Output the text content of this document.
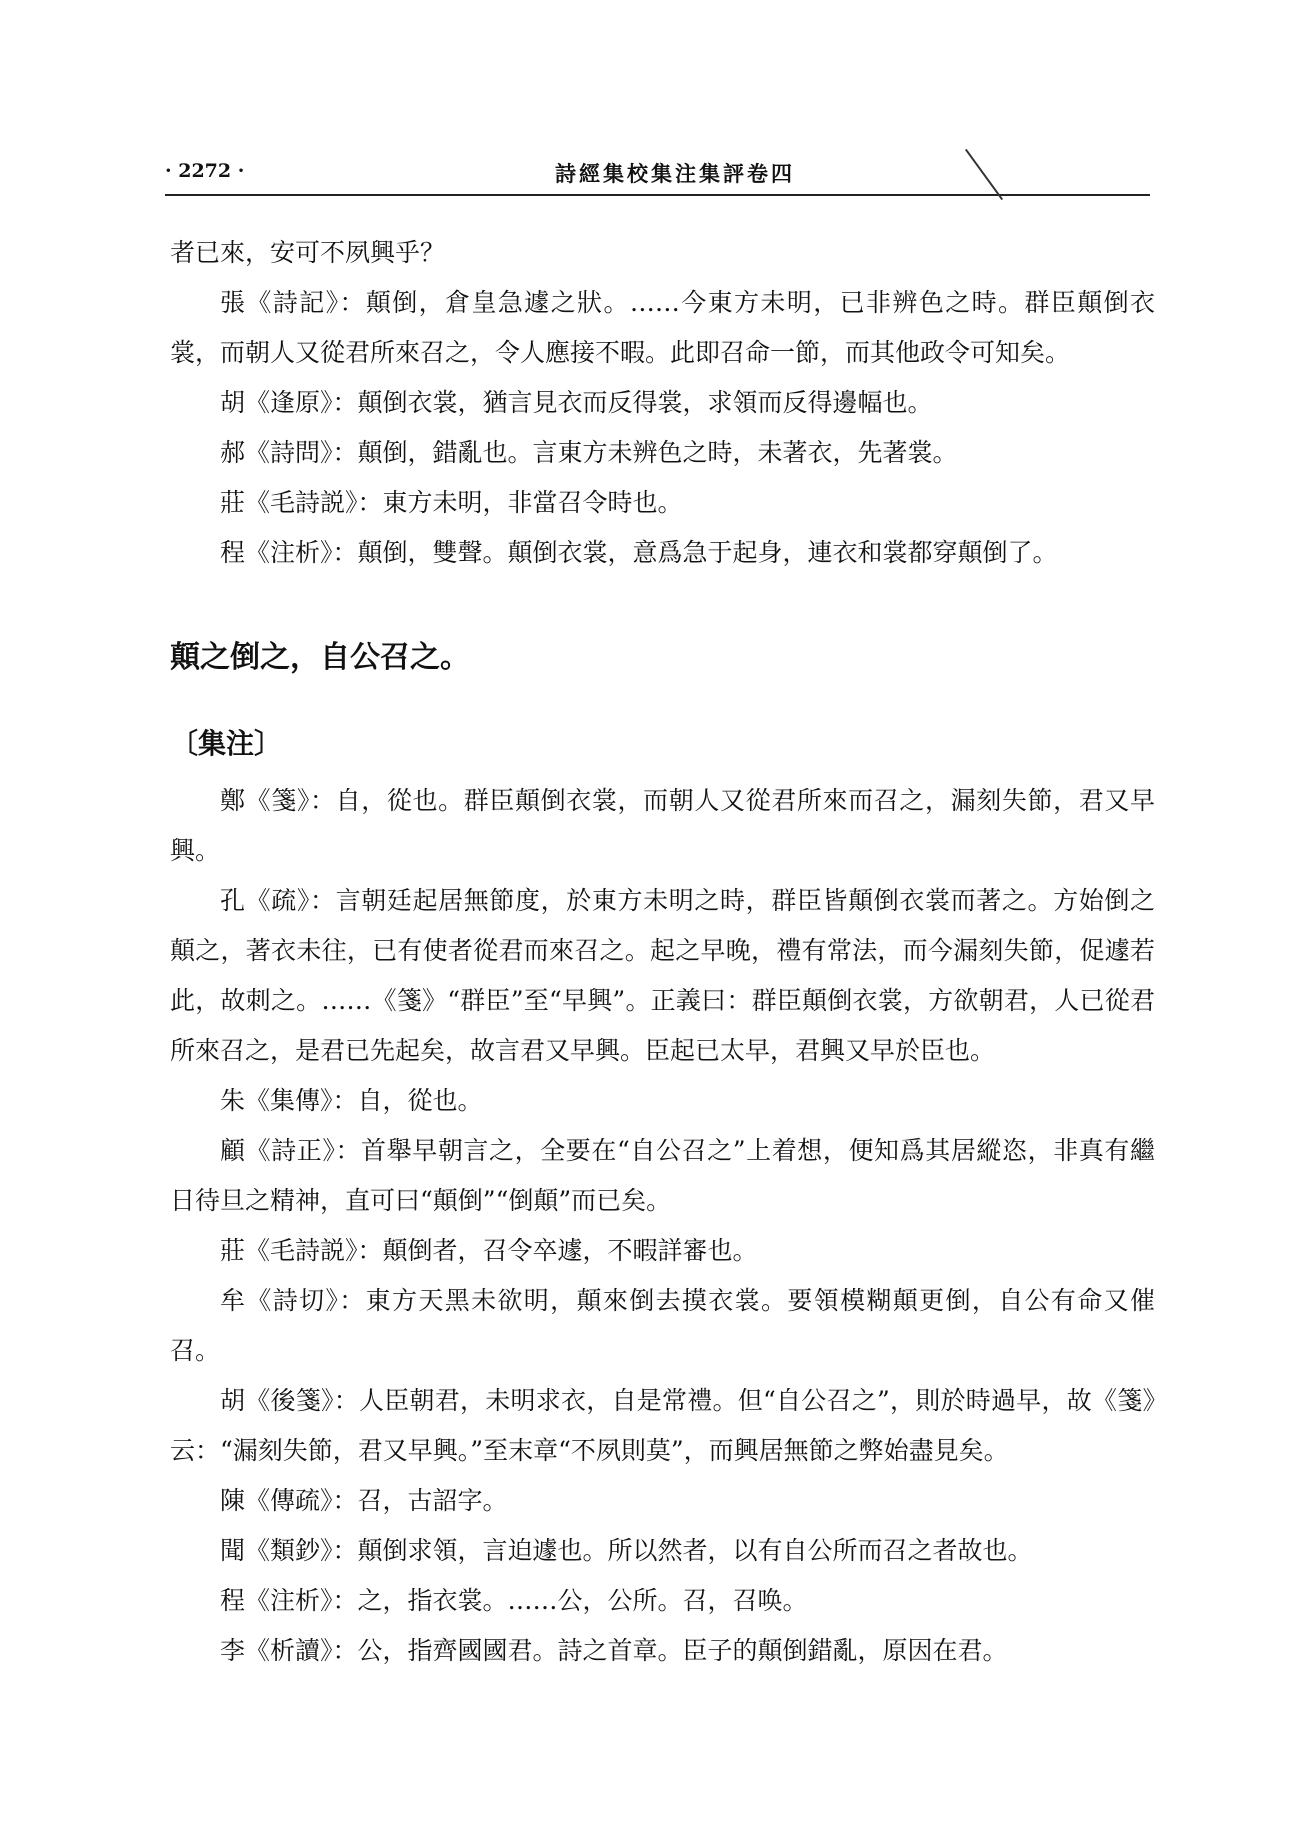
· 2272 ·	詩經集校集注集評卷四

者已來，安可不夙興乎？

張《詩記》：顛倒，倉皇急遽之狀。……今東方未明，已非辨色之時。群臣顛倒衣裳，而朝人又從君所來召之，令人應接不暇。此即召命一節，而其他政令可知矣。

胡《逢原》：顛倒衣裳，猶言見衣而反得裳，求領而反得邊幅也。

郝《詩問》：顛倒，錯亂也。言東方未辨色之時，未著衣，先著裳。

莊《毛詩説》：東方未明，非當召令時也。

程《注析》：顛倒，雙聲。顛倒衣裳，意爲急于起身，連衣和裳都穿顛倒了。

顛之倒之，自公召之。
〔集注〕

鄭《箋》：自，從也。群臣顛倒衣裳，而朝人又從君所來而召之，漏刻失節，君又早興。

孔《疏》：言朝廷起居無節度，於東方未明之時，群臣皆顛倒衣裳而著之。方始倒之顛之，著衣未往，已有使者從君而來召之。起之早晚，禮有常法，而今漏刻失節，促遽若此，故刺之。……《箋》“群臣”至“早興”。正義曰：群臣顛倒衣裳，方欲朝君，人已從君所來召之，是君已先起矣，故言君又早興。臣起已太早，君興又早於臣也。

朱《集傳》：自，從也。

顧《詩正》：首舉早朝言之，全要在“自公召之”上着想，便知爲其居縱恣，非真有繼日待旦之精神，直可曰“顛倒”“倒顛”而已矣。

莊《毛詩説》：顛倒者，召令卒遽，不暇詳審也。

牟《詩切》：東方天黑未欲明，顛來倒去摸衣裳。要領模糊顛更倒，自公有命又催召。

胡《後箋》：人臣朝君，未明求衣，自是常禮。但“自公召之”，則於時過早，故《箋》云：“漏刻失節，君又早興。”至末章“不夙則莫”，而興居無節之弊始盡見矣。

陳《傳疏》：召，古詔字。

聞《類鈔》：顛倒求領，言迫遽也。所以然者，以有自公所而召之者故也。

程《注析》：之，指衣裳。……公，公所。召，召唤。

李《析讀》：公，指齊國國君。詩之首章。臣子的顛倒錯亂，原因在君。
